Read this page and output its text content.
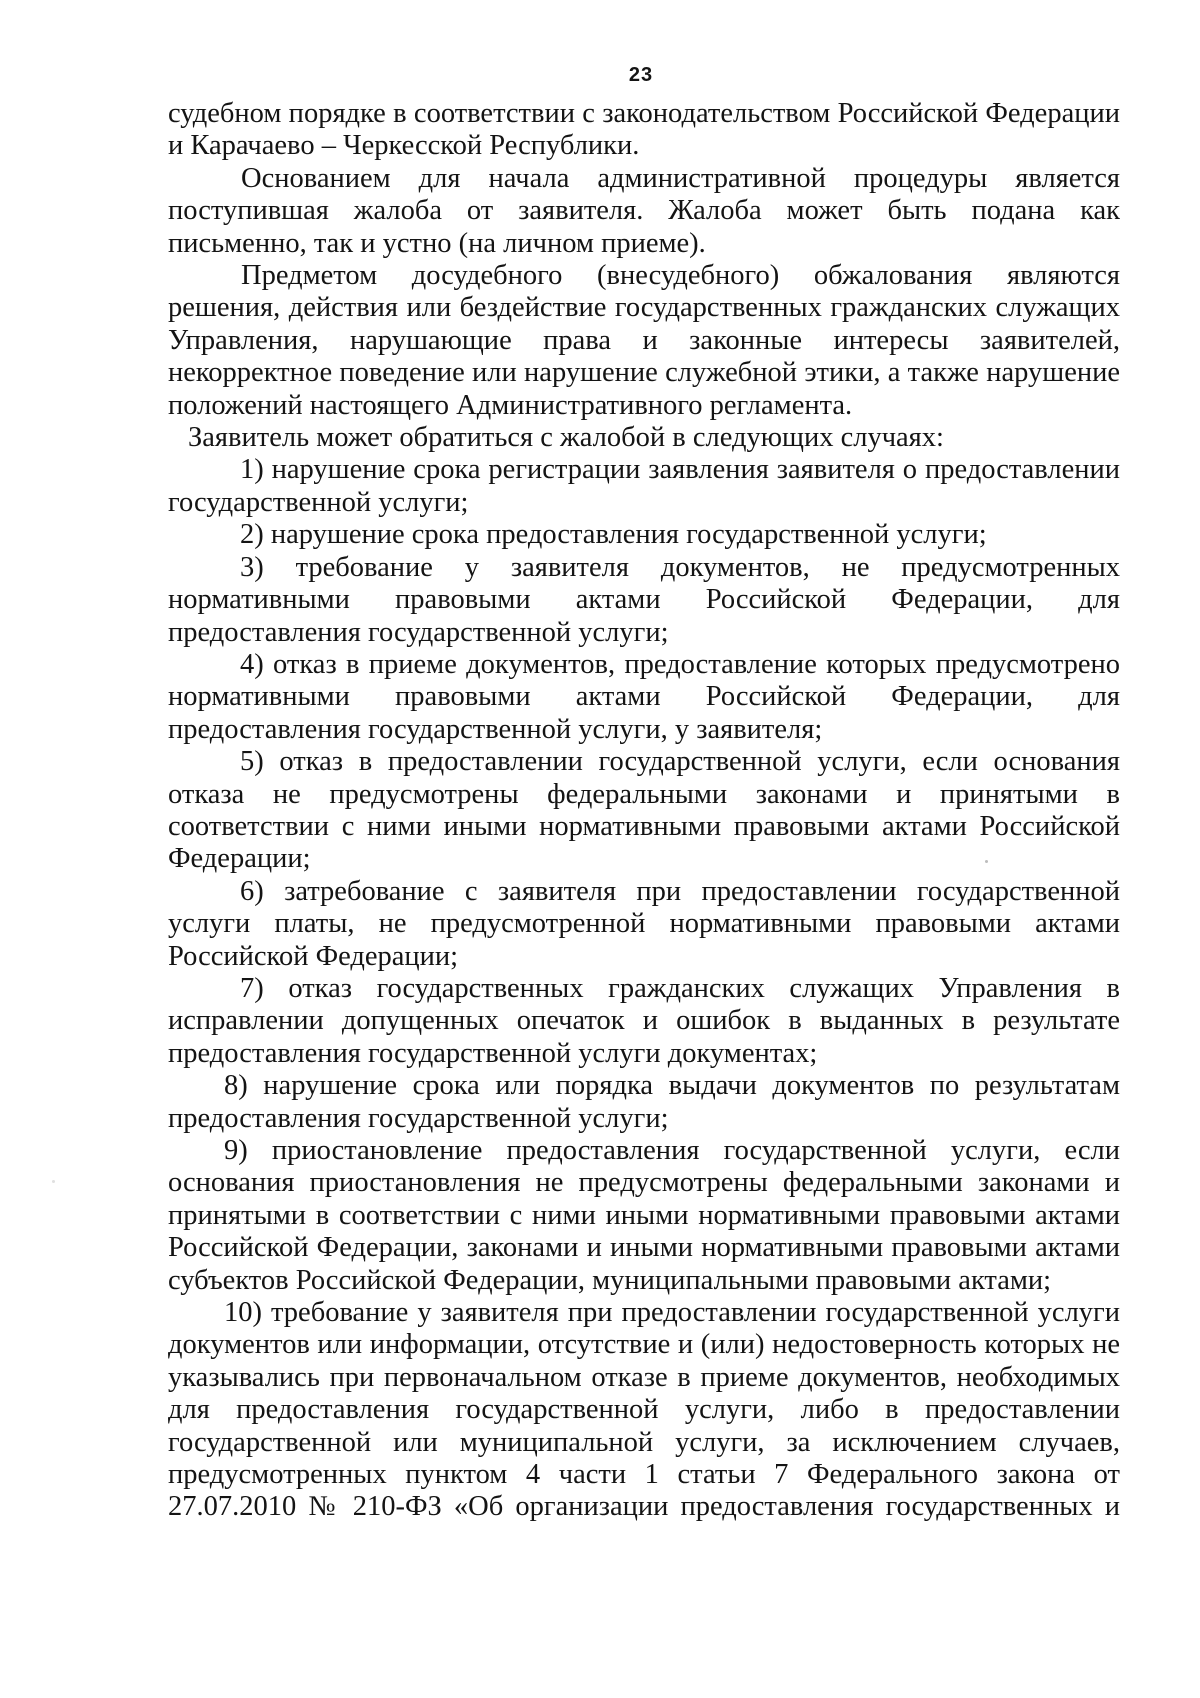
23

судебном порядке в соответствии с законодательством Российской Федерации и Карачаево – Черкесской Республики.

Основанием для начала административной процедуры является поступившая жалоба от заявителя. Жалоба может быть подана как письменно, так и устно (на личном приеме).

Предметом досудебного (внесудебного) обжалования являются решения, действия или бездействие государственных гражданских служащих Управления, нарушающие права и законные интересы заявителей, некорректное поведение или нарушение служебной этики, а также нарушение положений настоящего Административного регламента.

Заявитель может обратиться с жалобой в следующих случаях:

1) нарушение срока регистрации заявления заявителя о предоставлении государственной услуги;

2) нарушение срока предоставления государственной услуги;

3) требование у заявителя документов, не предусмотренных нормативными правовыми актами Российской Федерации, для предоставления государственной услуги;

4) отказ в приеме документов, предоставление которых предусмотрено нормативными правовыми актами Российской Федерации, для предоставления государственной услуги, у заявителя;

5) отказ в предоставлении государственной услуги, если основания отказа не предусмотрены федеральными законами и принятыми в соответствии с ними иными нормативными правовыми актами Российской Федерации;

6) затребование с заявителя при предоставлении государственной услуги платы, не предусмотренной нормативными правовыми актами Российской Федерации;

7) отказ государственных гражданских служащих Управления в исправлении допущенных опечаток и ошибок в выданных в результате предоставления государственной услуги документах;

8) нарушение срока или порядка выдачи документов по результатам предоставления государственной услуги;

9) приостановление предоставления государственной услуги, если основания приостановления не предусмотрены федеральными законами и принятыми в соответствии с ними иными нормативными правовыми актами Российской Федерации, законами и иными нормативными правовыми актами субъектов Российской Федерации, муниципальными правовыми актами;

10) требование у заявителя при предоставлении государственной услуги документов или информации, отсутствие и (или) недостоверность которых не указывались при первоначальном отказе в приеме документов, необходимых для предоставления государственной услуги, либо в предоставлении государственной или муниципальной услуги, за исключением случаев, предусмотренных пунктом 4 части 1 статьи 7 Федерального закона от 27.07.2010 № 210-ФЗ «Об организации предоставления государственных и
